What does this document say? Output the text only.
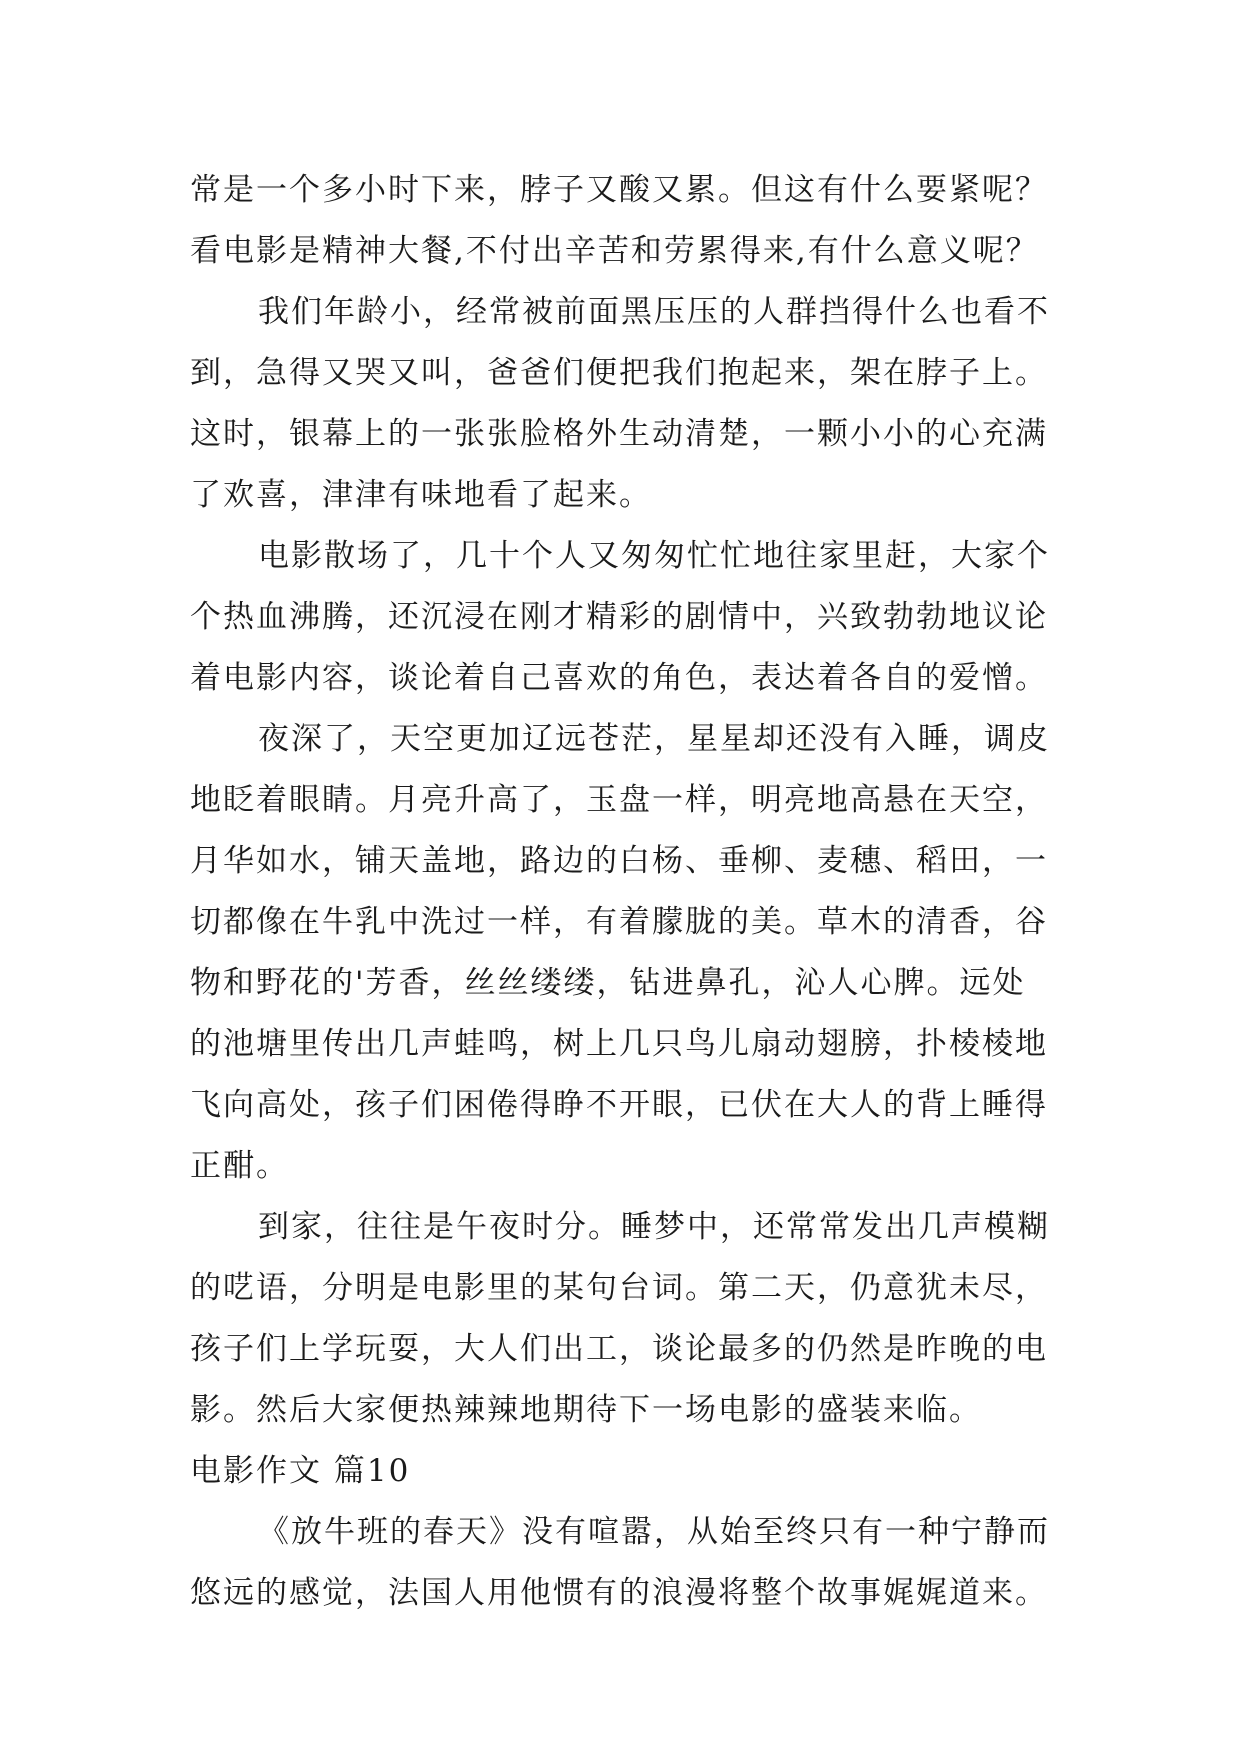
常是一个多小时下来，脖子又酸又累。但这有什么要紧呢？
看电影是精神大餐,不付出辛苦和劳累得来,有什么意义呢？
我们年龄小，经常被前面黑压压的人群挡得什么也看不
到，急得又哭又叫，爸爸们便把我们抱起来，架在脖子上。
这时，银幕上的一张张脸格外生动清楚，一颗小小的心充满
了欢喜，津津有味地看了起来。
电影散场了，几十个人又匆匆忙忙地往家里赶，大家个
个热血沸腾，还沉浸在刚才精彩的剧情中，兴致勃勃地议论
着电影内容，谈论着自己喜欢的角色，表达着各自的爱憎。
夜深了，天空更加辽远苍茫，星星却还没有入睡，调皮
地眨着眼睛。月亮升高了，玉盘一样，明亮地高悬在天空，
月华如水，铺天盖地，路边的白杨、垂柳、麦穗、稻田，一
切都像在牛乳中洗过一样，有着朦胧的美。草木的清香，谷
物和野花的'芳香，丝丝缕缕，钻进鼻孔，沁人心脾。远处
的池塘里传出几声蛙鸣，树上几只鸟儿扇动翅膀，扑棱棱地
飞向高处，孩子们困倦得睁不开眼，已伏在大人的背上睡得
正酣。
到家，往往是午夜时分。睡梦中，还常常发出几声模糊
的呓语，分明是电影里的某句台词。第二天，仍意犹未尽，
孩子们上学玩耍，大人们出工，谈论最多的仍然是昨晚的电
影。然后大家便热辣辣地期待下一场电影的盛装来临。
电影作文 篇10
《放牛班的春天》没有喧嚣，从始至终只有一种宁静而
悠远的感觉，法国人用他惯有的浪漫将整个故事娓娓道来。
